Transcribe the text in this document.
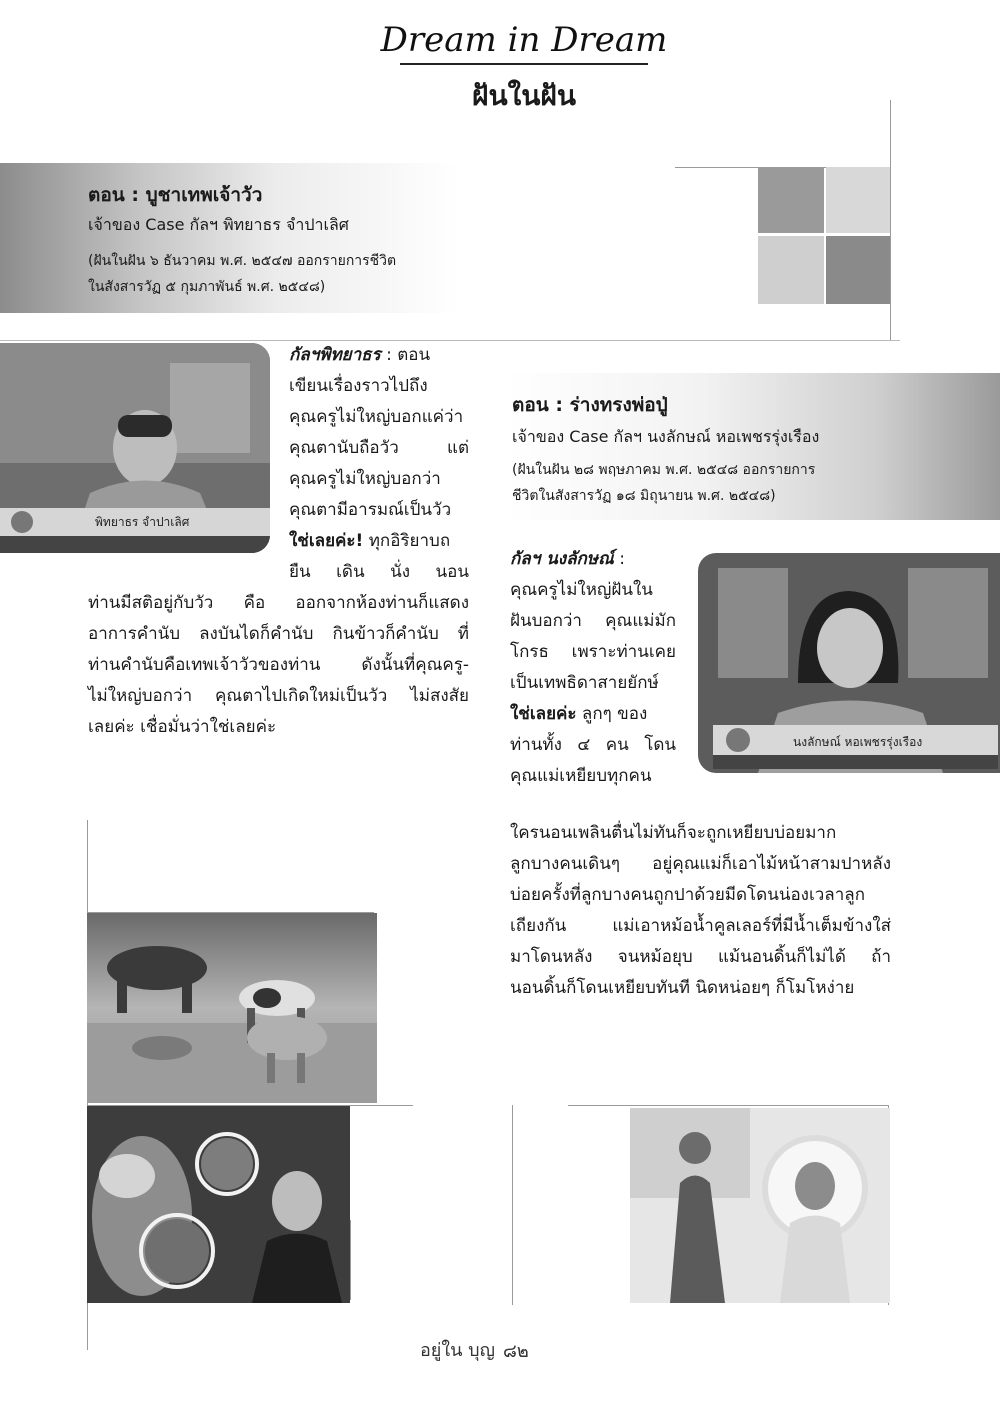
Dream in Dream
ฝันในฝัน
ตอน : บูชาเทพเจ้าวัว
เจ้าของ Case กัลฯ พิทยาธร จำปาเลิศ
(ฝันในฝัน ๖ ธันวาคม พ.ศ. ๒๕๔๗ ออกรายการชีวิต
ในสังสารวัฏ ๕ กุมภาพันธ์ พ.ศ. ๒๕๔๘)
พิทยาธร จำปาเลิศ
กัลฯพิทยาธร : ตอน
เขียนเรื่องราวไปถึง
คุณครูไม่ใหญ่บอกแค่ว่า
คุณตานับถือวัว แต่
คุณครูไม่ใหญ่บอกว่า
คุณตามีอารมณ์เป็นวัว
ใช่เลยค่ะ! ทุกอิริยาบถ
ยืน เดิน นั่ง นอน
ท่านมีสติอยู่กับวัว คือ ออกจากห้องท่านก็แสดง
อาการคำนับ ลงบันไดก็คำนับ กินข้าวก็คำนับ ที่
ท่านคำนับคือเทพเจ้าวัวของท่าน ดังนั้นที่คุณครู-
ไม่ใหญ่บอกว่า คุณตาไปเกิดใหม่เป็นวัว ไม่สงสัย
เลยค่ะ เชื่อมั่นว่าใช่เลยค่ะ
ตอน : ร่างทรงพ่อปู่
เจ้าของ Case กัลฯ นงลักษณ์ หอเพชรรุ่งเรือง
(ฝันในฝัน ๒๘ พฤษภาคม พ.ศ. ๒๕๔๘ ออกรายการ
ชีวิตในสังสารวัฏ ๑๘ มิถุนายน พ.ศ. ๒๕๔๘)
นงลักษณ์ หอเพชรรุ่งเรือง
กัลฯ นงลักษณ์ :
คุณครูไม่ใหญ่ฝันใน
ฝันบอกว่า คุณแม่มัก
โกรธ เพราะท่านเคย
เป็นเทพธิดาสายยักษ์
ใช่เลยค่ะ ลูกๆ ของ
ท่านทั้ง ๔ คน โดน
คุณแม่เหยียบทุกคน
ใครนอนเพลินตื่นไม่ทันก็จะถูกเหยียบบ่อยมาก
ลูกบางคนเดินๆ อยู่คุณแม่ก็เอาไม้หน้าสามปาหลัง
บ่อยครั้งที่ลูกบางคนถูกปาด้วยมีดโดนน่องเวลาลูก
เถียงกัน แม่เอาหม้อน้ำคูลเลอร์ที่มีน้ำเต็มข้างใส่
มาโดนหลัง จนหม้อยุบ แม้นอนดิ้นก็ไม่ได้ ถ้า
นอนดิ้นก็โดนเหยียบทันที นิดหน่อยๆ ก็โมโหง่าย
อยู่ใน บุญ ๘๒
